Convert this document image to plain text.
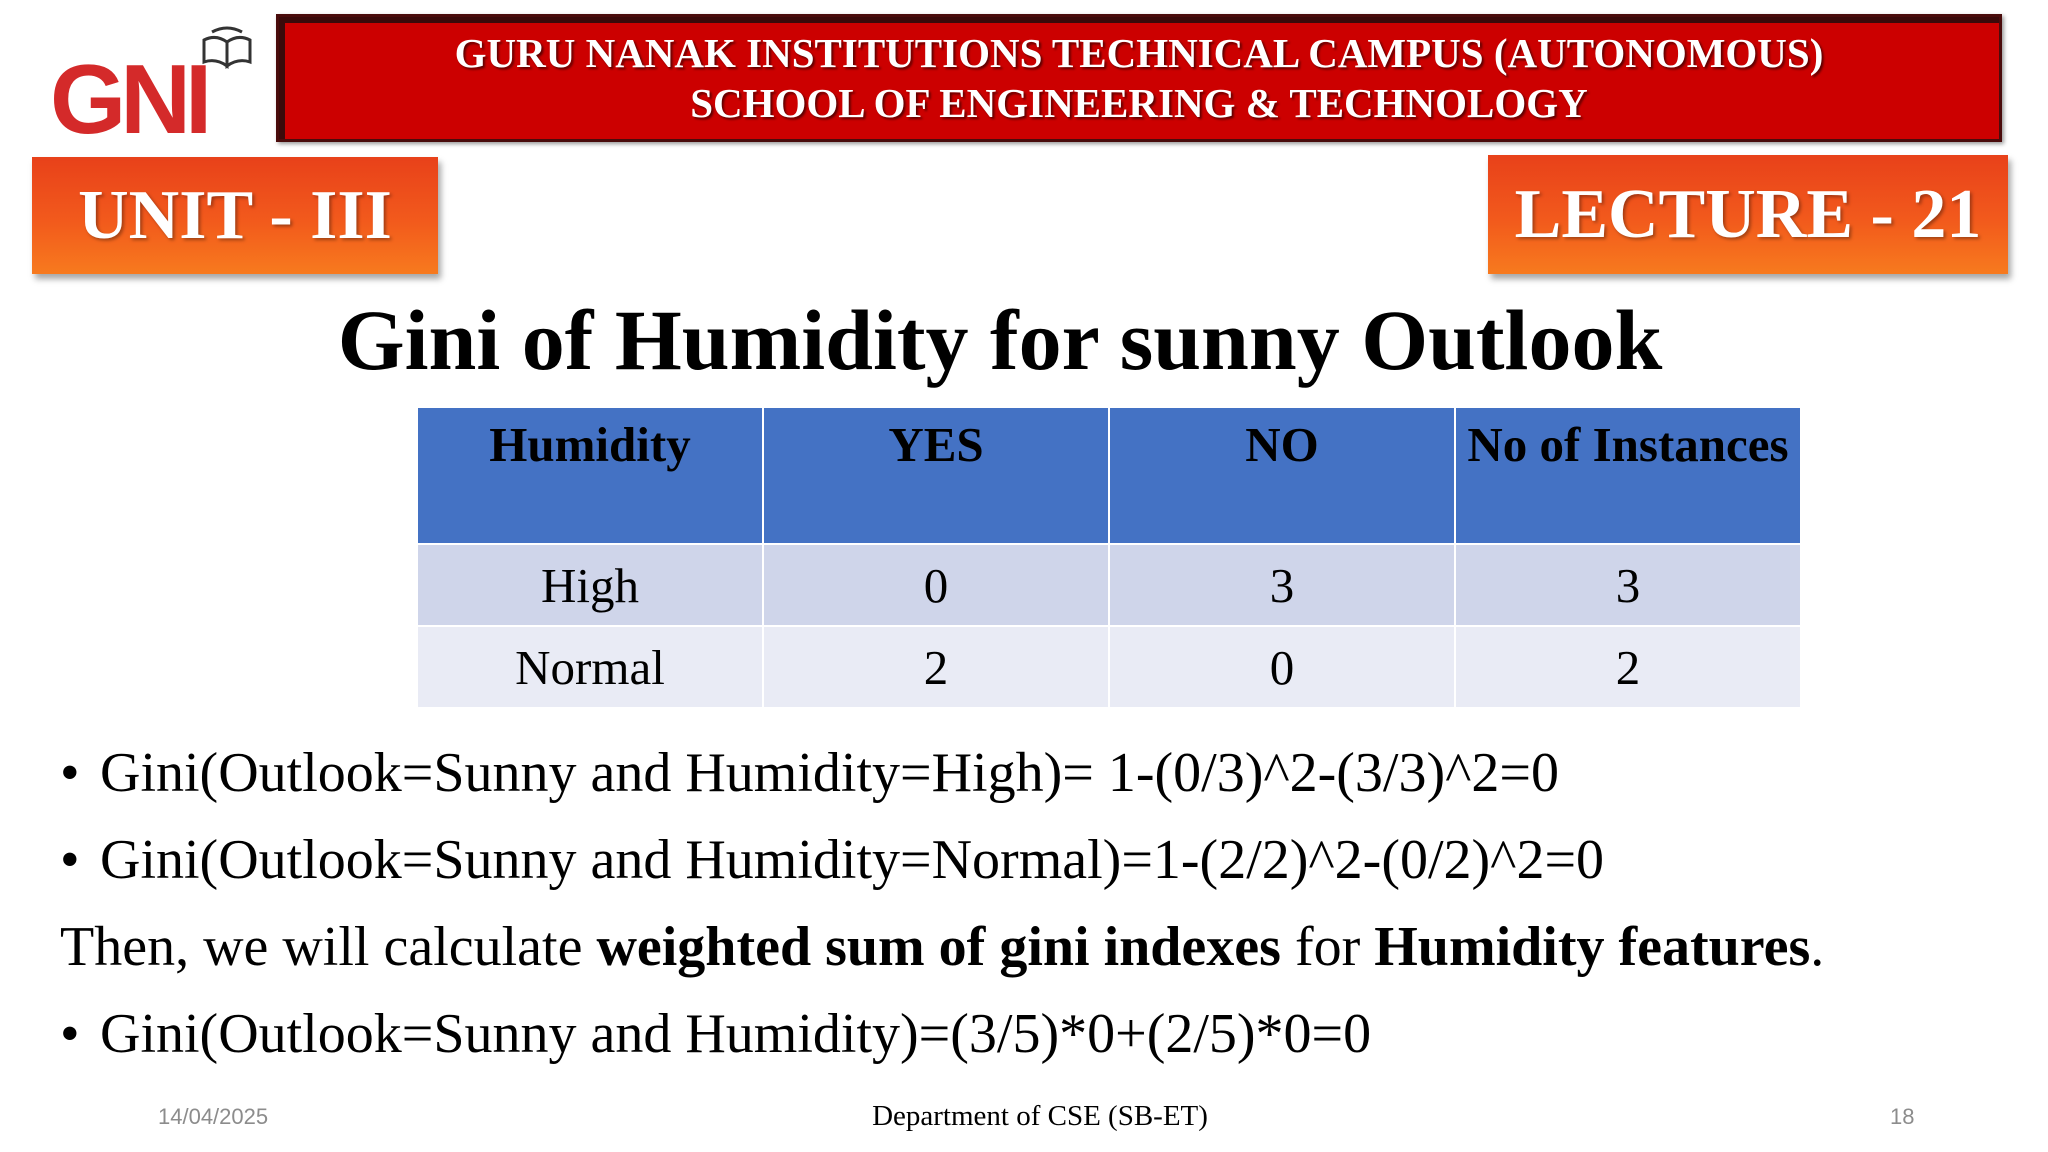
GNI	GURU NANAK INSTITUTIONS TECHNICAL CAMPUS (AUTONOMOUS)
SCHOOL OF ENGINEERING & TECHNOLOGY
UNIT - III	LECTURE - 21
Gini of Humidity for sunny Outlook
Humidity	YES	NO	No of Instances
High	0	3	3
Normal	2	0	2
• Gini(Outlook=Sunny and Humidity=High)= 1-(0/3)^2-(3/3)^2=0
• Gini(Outlook=Sunny and Humidity=Normal)=1-(2/2)^2-(0/2)^2=0
Then, we will calculate weighted sum of gini indexes for Humidity features.
• Gini(Outlook=Sunny and Humidity)=(3/5)*0+(2/5)*0=0
14/04/2025	Department of CSE (SB-ET)	18
